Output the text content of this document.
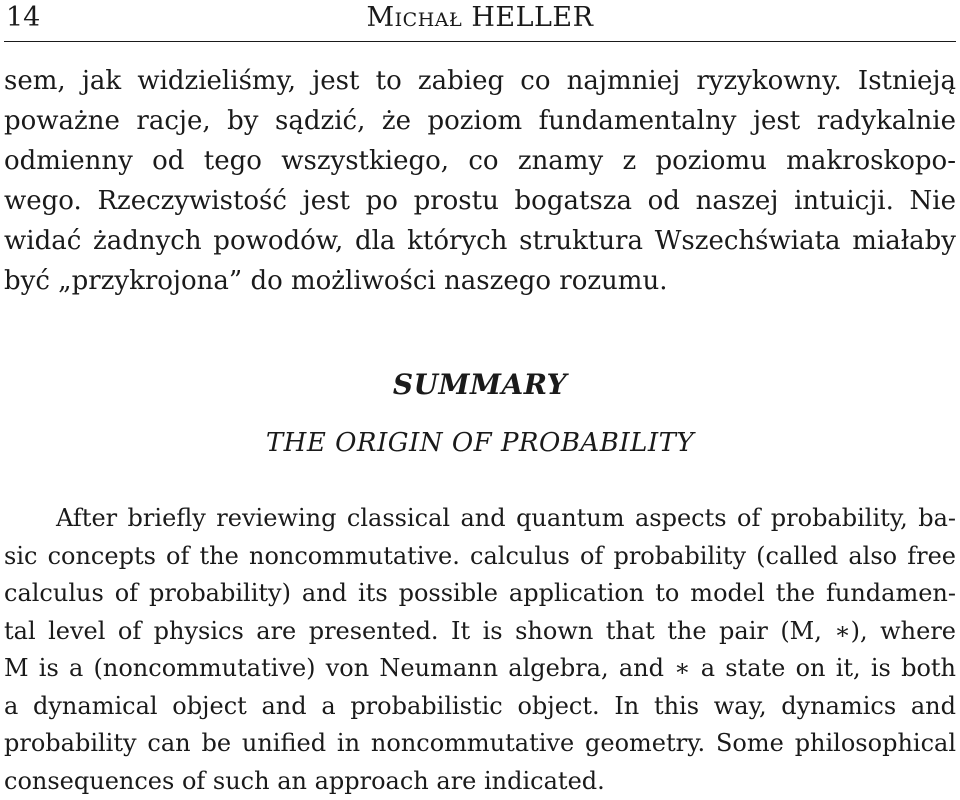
14	Michał HELLER
sem, jak widzieliśmy, jest to zabieg co najmniej ryzykowny. Istnieją
poważne racje, by sądzić, że poziom fundamentalny jest radykalnie
odmienny od tego wszystkiego, co znamy z poziomu makroskopo-
wego. Rzeczywistość jest po prostu bogatsza od naszej intuicji. Nie
widać żadnych powodów, dla których struktura Wszechświata miałaby
być „przykrojona” do możliwości naszego rozumu.
SUMMARY
THE ORIGIN OF PROBABILITY
After briefly reviewing classical and quantum aspects of probability, ba-
sic concepts of the noncommutative. calculus of probability (called also free
calculus of probability) and its possible application to model the fundamen-
tal level of physics are presented. It is shown that the pair (M, ∗), where
M is a (noncommutative) von Neumann algebra, and ∗ a state on it, is both
a dynamical object and a probabilistic object. In this way, dynamics and
probability can be unified in noncommutative geometry. Some philosophical
consequences of such an approach are indicated.
